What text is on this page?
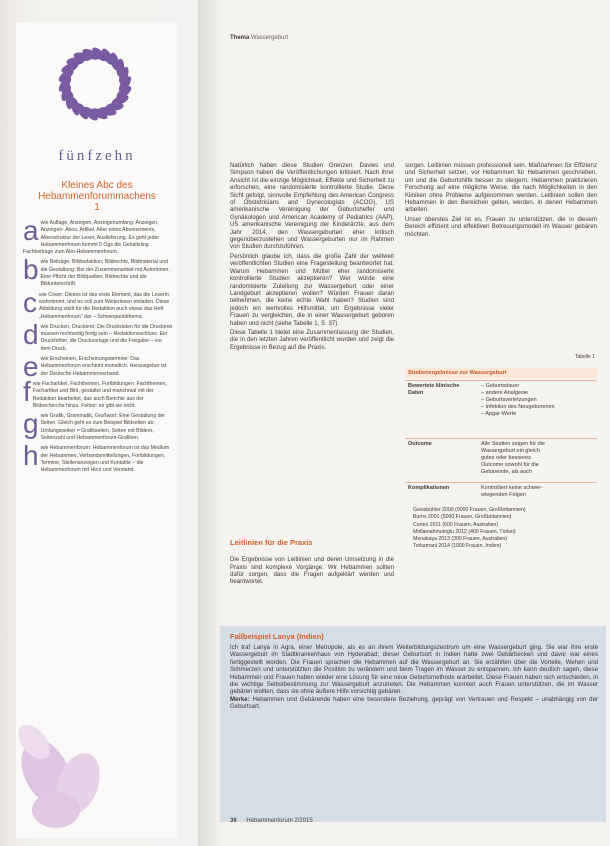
fünfzehn
Kleines Abc des
Hebammenforummachens
1
awie Auflage, Anzeigen, Anzeigenumfang: Anzeigen, Anzeigen- Abos, Artikel, Alter eines Abonnements, Altersstruktur der Leser, Auslieferung. Es geht jeder Hebammenforum kommt 5 Ogs die Gehaltsling Fachbeiträge zum Abo-Hebammenforum.
bwie Beiträge, Bildredaktion, Bildrechte, Bildmaterial und die Gestaltung: Bei der Zusammenarbeit mit Autorinnen. Eine Pflicht der Bildquellen, Bildrechte und die Bildunterschrift.
cwie Cover: Dieses ist das erste Element, das die Leserin wahrnimmt, und es soll zum Weiterlesen einladen. Diese Abbildung stellt für die Redaktion auch etwas das Heft „Hebammenforum“ dar – Schwerpunktthema.
dwie Drucken, Druckerei: Die Druckdaten für die Druckerei müssen rechtzeitig fertig sein – Redaktionsschluss. Ein Druckfehler, die Druckvorlage und die Freigabe – vor dem Druck.
ewie Erscheinen, Erscheinungstermine: Das Hebammenforum erscheint monatlich. Herausgeber ist der Deutsche Hebammenverband.
fwie Fachartikel, Fachthemen, Fortbildungen: Fachthemen, Fachartikel und Bild, gestaltet und manchmal mit der Redaktion bearbeitet, das auch Berichte aus der Bildrecherche hinzu. Fehler: es gibt sie nicht.
gwie Grafik, Grammatik, Grußwort: Eine Gestaltung der Seiten. Gleich geht es zum Beispiel Bildseiten ab: Umfangsseiten = Grafikseiten, Seiten mit Bildern, Seitenzahl und Hebammenforum-Grafiken.
hwie Hebammenforum: Hebammenforum ist das Medium der Hebammen, Verbandsmitteilungen, Fortbildungen, Termine, Stellenanzeigen und Kontakte – die Hebammenforum mit Herz und Verstand.
Thema Wassergeburt

Natürlich haben diese Studien Grenzen. Davies und Simpson haben die Veröffentlichungen kritisiert. Nach ihrer Ansicht ist die einzige Möglichkeit, Effekte und Sicherheit zu erforschen, eine randomisierte kontrollierte Studie. Diese Sicht gefolgt, sinnvolle Empfehlung des American Congress of Obstetricians and Gynecologists (ACOG), US amerikanische Vereinigung der Geburtshelfer und Gynäkologen und American Academy of Pediatrics (AAP), US amerikanische Vereinigung der Kinderärzte, aus dem Jahr 2014, den Wassergeburten eher kritisch gegenüberzustehen und Wassergeburten nur im Rahmen von Studien durchzuführen.

Persönlich glaube ich, dass die große Zahl der weltweit veröffentlichten Studien eine Fragestellung beantwortet hat. Warum Hebammen und Mütter eher randomisierte kontrollierte Studien akzeptieren? Wer würde eine randomisierte Zuteilung zur Wassergeburt oder einer Landgeburt akzeptieren wollen? Würden Frauen daran teilnehmen, die keine echte Wahl haben? Studien sind jedoch ein wertvolles Hilfsmittel, um Ergebnisse vieler Frauen zu vergleichen, die in einer Wassergeburt geboren haben und nicht (siehe Tabelle 1, S. 37).

Diese Tabelle 1 bietet eine Zusammenfassung der Studien, die in den letzten Jahren veröffentlicht wurden und zeigt die Ergebnisse in Bezug auf die Praxis.

Leitlinien für die Praxis

Die Ergebnisse von Leitlinien und deren Umsetzung in die Praxis sind komplexe Vorgänge. Wir Hebammen sollten dafür sorgen, dass die Fragen aufgeklärt werden und beantwortet.

sorgen. Leitlinien müssen professionell sein. Maßnahmen für Effizienz und Sicherheit setzen, vor Hebammen für Hebammen geschrieben, um und die Geburtshilfe besser zu steigern. Hebammen praktizieren Forschung auf eine mögliche Weise, die nach Möglichkeiten in den Kliniken ohne Probleme aufgenommen werden. Leitlinien sollen den Hebammen in den Bereichen gelten, werden, in denen Hebammen arbeiten.

Unser oberstes Ziel ist es, Frauen zu unterstützen, die in diesem Bereich effizient und effektiven Betreuungsmodell im Wasser gebären möchten.

Tabelle 1
Studienergebnisse zur Wassergeburt
Bewertete klinische Daten
– Geburtsdauer
– andere Analgesie
– Geburtsverletzungen
– Infektion des Neugeborenen
– Apgar-Werte
Outcome	Alle Studien zeigen für die
Wassergeburt ein gleich
gutes oder besseres
Outcome sowohl für die
Gebärende, als auch
Komplikationen	Kontrolliert keine schwer-
wiegenden Folgen
Geissbühler 2000 (9000 Frauen, Großbritannien)
Burns 2001 (5000 Frauen, Großbritannien)
Cortes 2011 (600 Frauen, Australien)
Mollamahmutoglu 2012 (400 Frauen, Türkei)
Menakaya 2013 (300 Frauen, Australien)
Torkamani 2014 (1000 Frauen, Indien)
Fallbeispiel Lanya (Indien)

Ich traf Lanya in Agra, einer Metropole, als es an ihrem Weiterbildungszentrum um eine Wassergeburt ging. Sie war ihre erste Wassergeburt im Stadtkrankenhaus von Hyderabad; dieser Geburtsort in Indien hatte zwei Gebärbecken und davor war eines fertiggestellt worden. Die Frauen sprachen die Hebammen auf die Wassergeburt an. Sie erzählten über die Vorteile, Wehen und Schmerzen und unterstützten die Position zu verändern und beim Tragen im Wasser zu entspannen. Ich kann deutlich sagen, diese Hebammen und Frauen haben wieder eine Lösung für eine neue Geburtsmethode erarbeitet. Diese Frauen haben sich entschieden, in die wichtige Selbstbestimmung zur Wassergeburt anzutreten. Die Hebammen konnten auch Frauen unterstützen, die im Wasser gebären wollten, dass sie ohne äußere Hilfe vorsichtig gebären.

Merke: Hebammen und Gebärende haben eine besondere Beziehung, geprägt von Vertrauen und Respekt – unabhängig von der Geburtsart.

36 Hebammenforum 2/2015
